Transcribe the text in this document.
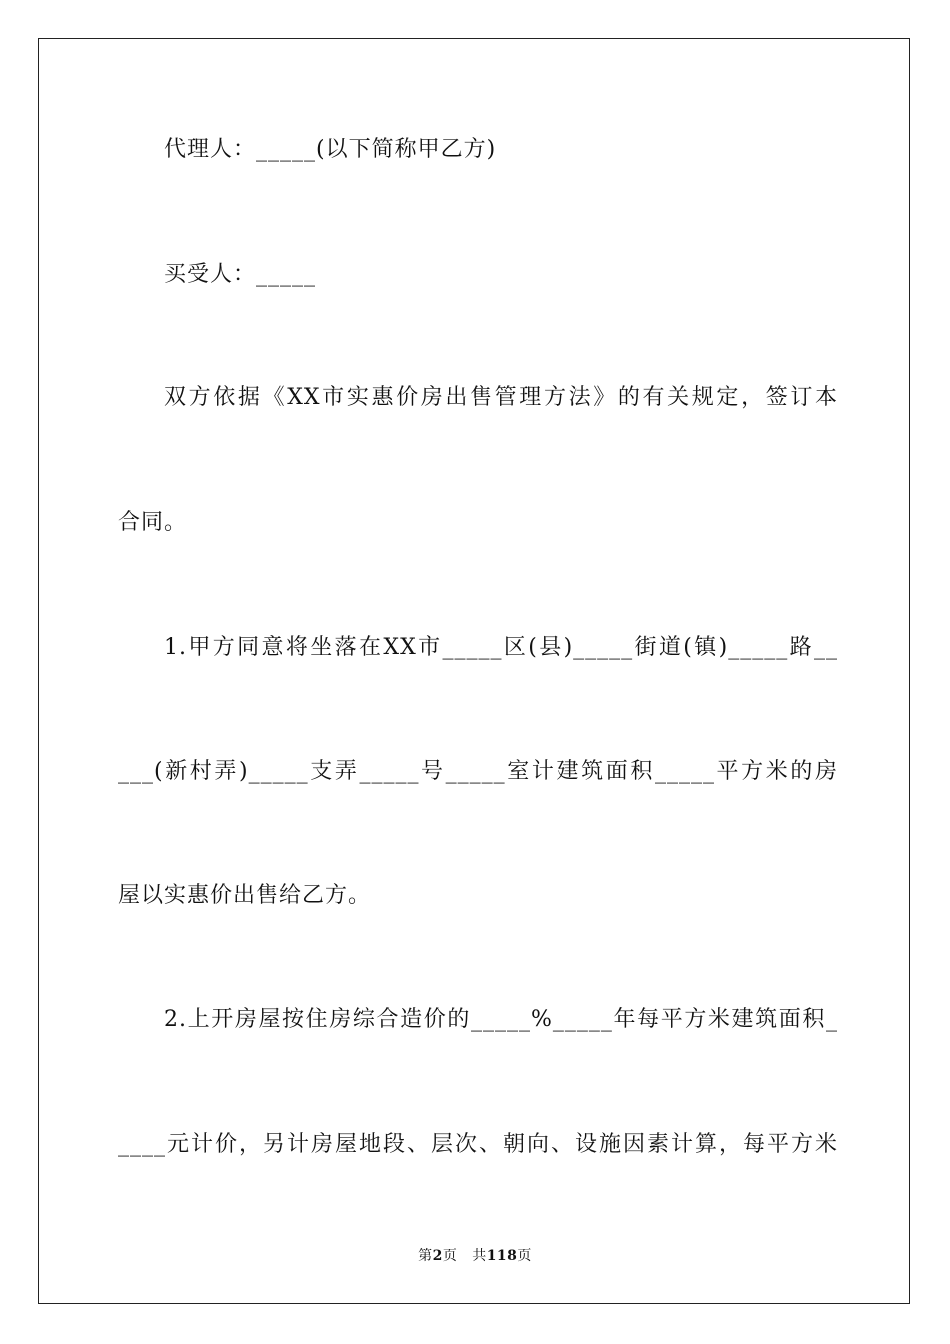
代理人：_____(以下简称甲乙方)
买受人：_____
双方依据《XX市实惠价房出售管理方法》的有关规定，签订本
合同。
1.甲方同意将坐落在XX市_____区(县)_____街道(镇)_____路__
___(新村弄)_____支弄_____号_____室计建筑面积_____平方米的房
屋以实惠价出售给乙方。
2.上开房屋按住房综合造价的_____%_____年每平方米建筑面积_
____元计价，另计房屋地段、层次、朝向、设施因素计算，每平方米
第2页 共118页
